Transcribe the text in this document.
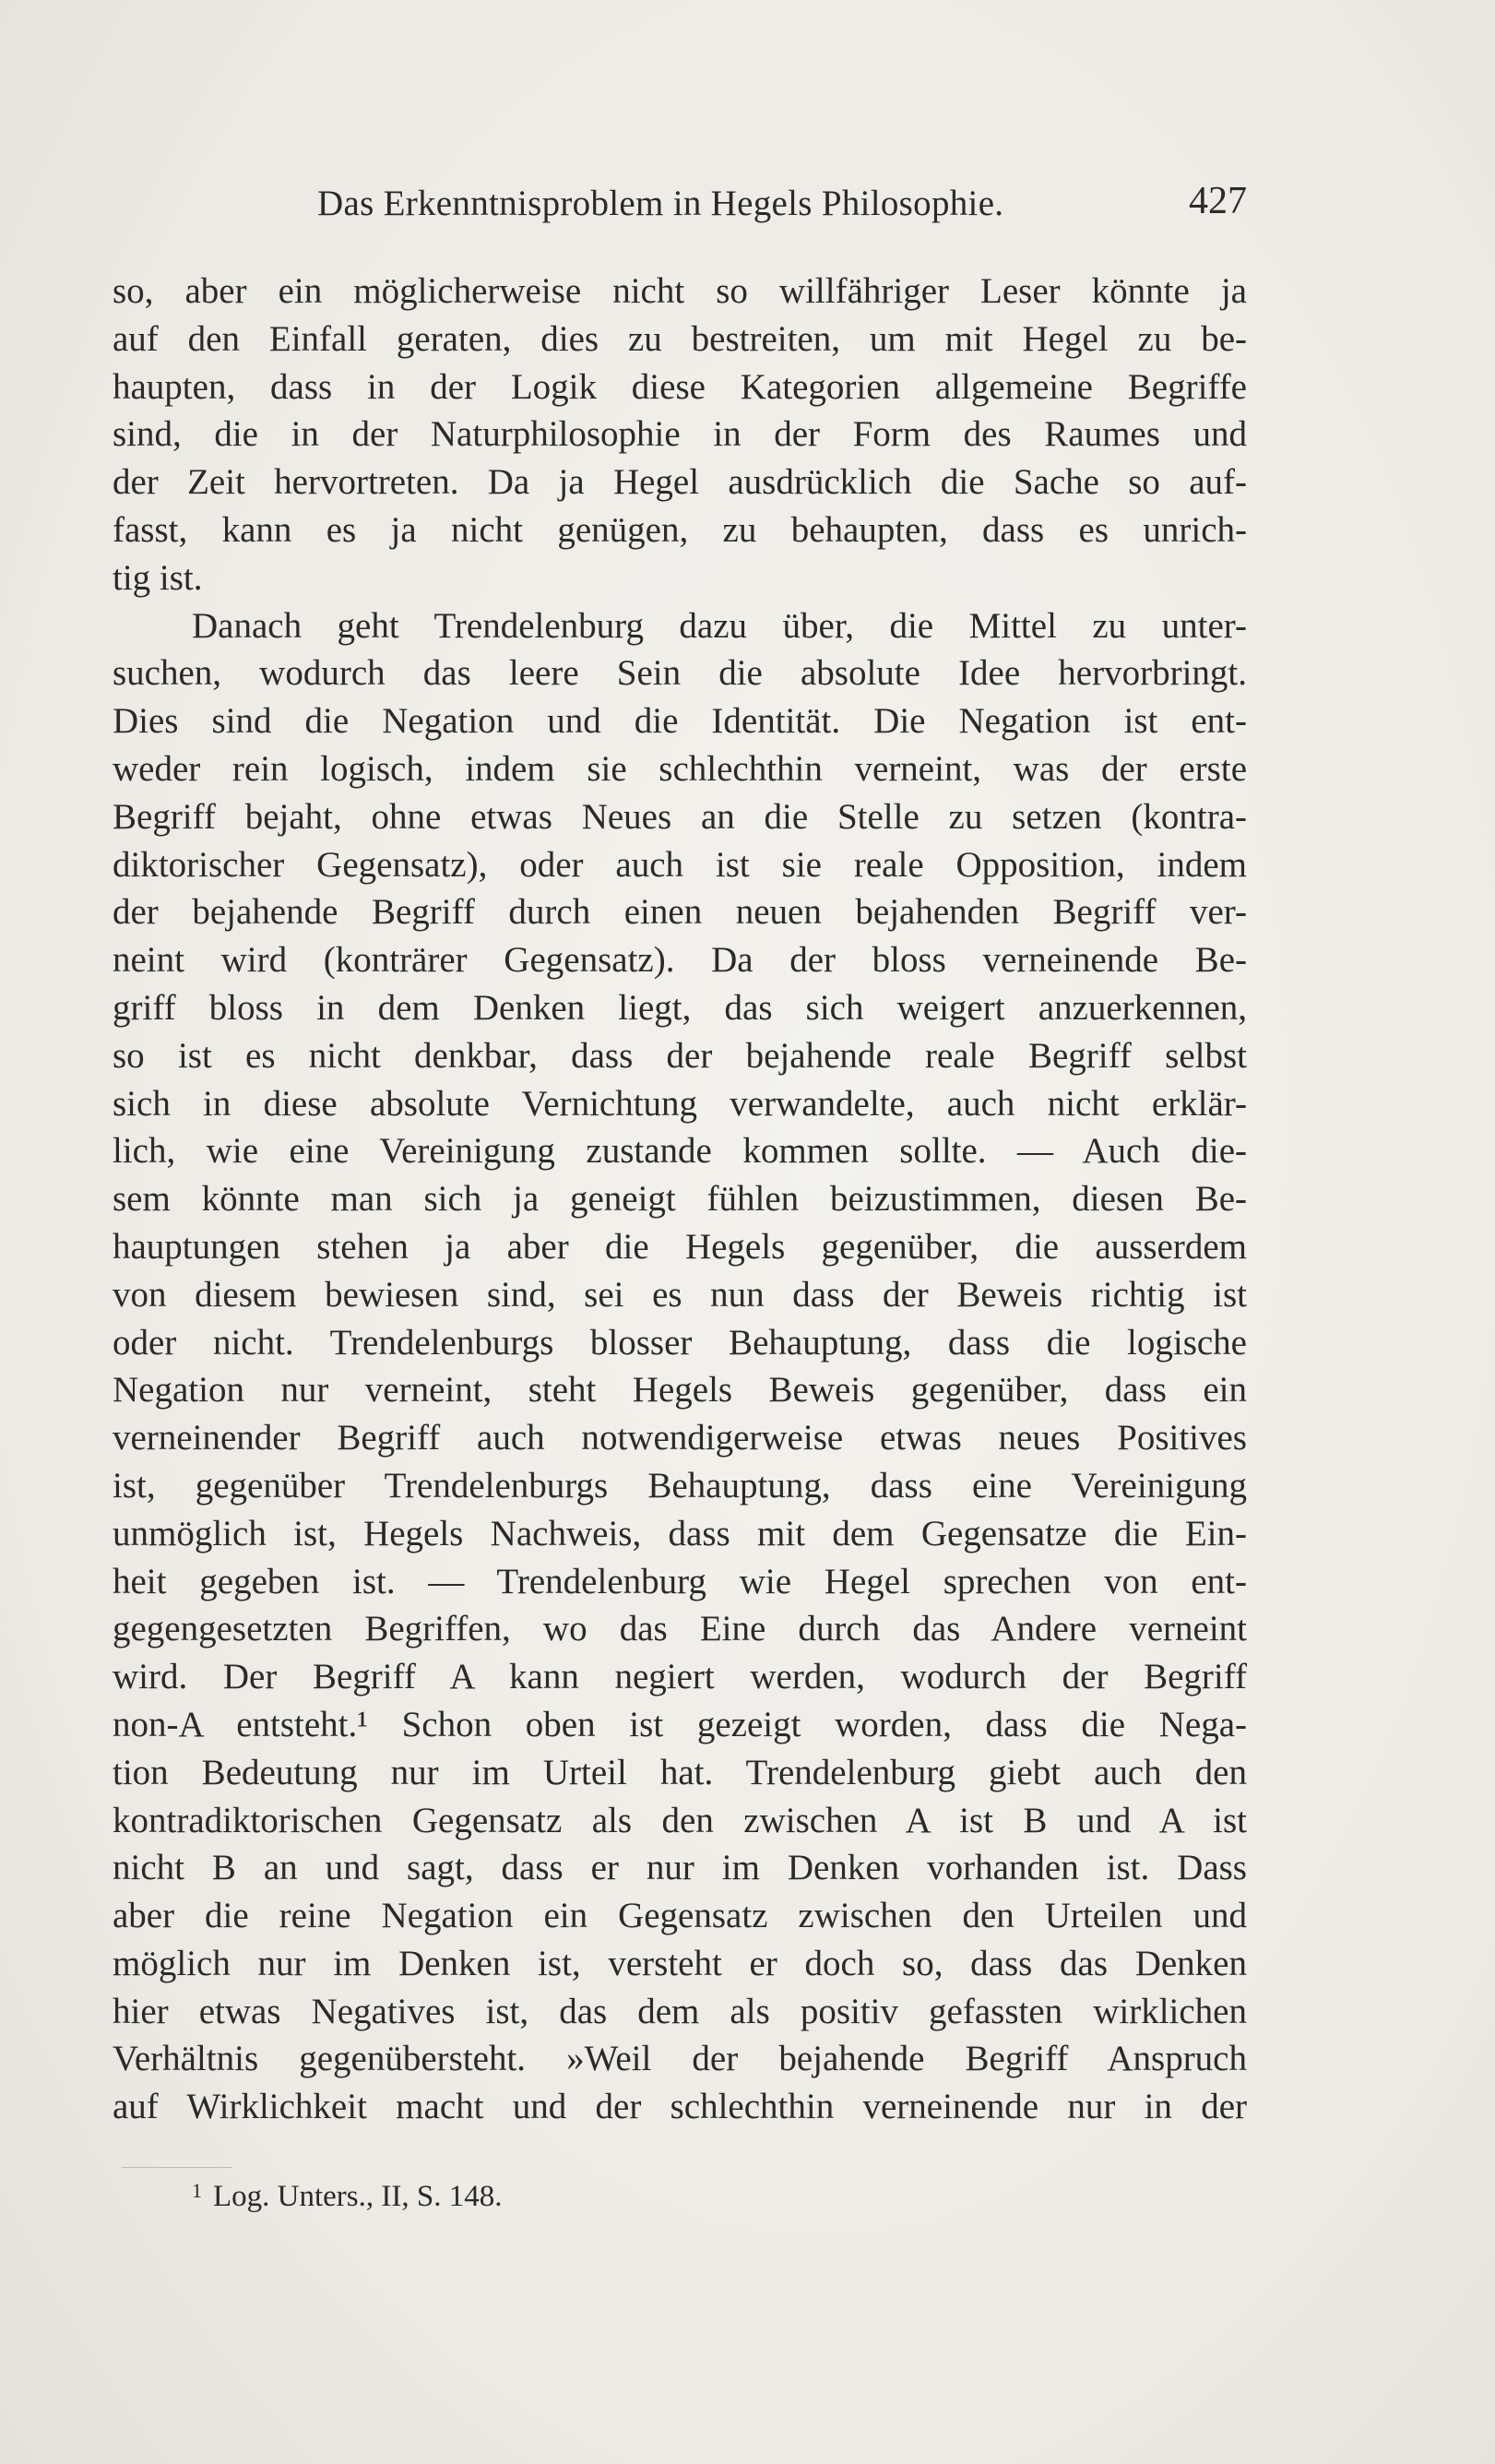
Das Erkenntnisproblem in Hegels Philosophie.	427
so, aber ein möglicherweise nicht so willfähriger Leser könnte ja
auf den Einfall geraten, dies zu bestreiten, um mit Hegel zu be-
haupten, dass in der Logik diese Kategorien allgemeine Begriffe
sind, die in der Naturphilosophie in der Form des Raumes und
der Zeit hervortreten. Da ja Hegel ausdrücklich die Sache so auf-
fasst, kann es ja nicht genügen, zu behaupten, dass es unrich-
tig ist.
Danach geht Trendelenburg dazu über, die Mittel zu unter-
suchen, wodurch das leere Sein die absolute Idee hervorbringt.
Dies sind die Negation und die Identität. Die Negation ist ent-
weder rein logisch, indem sie schlechthin verneint, was der erste
Begriff bejaht, ohne etwas Neues an die Stelle zu setzen (kontra-
diktorischer Gegensatz), oder auch ist sie reale Opposition, indem
der bejahende Begriff durch einen neuen bejahenden Begriff ver-
neint wird (konträrer Gegensatz). Da der bloss verneinende Be-
griff bloss in dem Denken liegt, das sich weigert anzuerkennen,
so ist es nicht denkbar, dass der bejahende reale Begriff selbst
sich in diese absolute Vernichtung verwandelte, auch nicht erklär-
lich, wie eine Vereinigung zustande kommen sollte. — Auch die-
sem könnte man sich ja geneigt fühlen beizustimmen, diesen Be-
hauptungen stehen ja aber die Hegels gegenüber, die ausserdem
von diesem bewiesen sind, sei es nun dass der Beweis richtig ist
oder nicht. Trendelenburgs blosser Behauptung, dass die logische
Negation nur verneint, steht Hegels Beweis gegenüber, dass ein
verneinender Begriff auch notwendigerweise etwas neues Positives
ist, gegenüber Trendelenburgs Behauptung, dass eine Vereinigung
unmöglich ist, Hegels Nachweis, dass mit dem Gegensatze die Ein-
heit gegeben ist. — Trendelenburg wie Hegel sprechen von ent-
gegengesetzten Begriffen, wo das Eine durch das Andere verneint
wird. Der Begriff A kann negiert werden, wodurch der Begriff
non-A entsteht.¹ Schon oben ist gezeigt worden, dass die Nega-
tion Bedeutung nur im Urteil hat. Trendelenburg giebt auch den
kontradiktorischen Gegensatz als den zwischen A ist B und A ist
nicht B an und sagt, dass er nur im Denken vorhanden ist. Dass
aber die reine Negation ein Gegensatz zwischen den Urteilen und
möglich nur im Denken ist, versteht er doch so, dass das Denken
hier etwas Negatives ist, das dem als positiv gefassten wirklichen
Verhältnis gegenübersteht. »Weil der bejahende Begriff Anspruch
auf Wirklichkeit macht und der schlechthin verneinende nur in der
$^1$ Log. Unters., II, S. 148.
